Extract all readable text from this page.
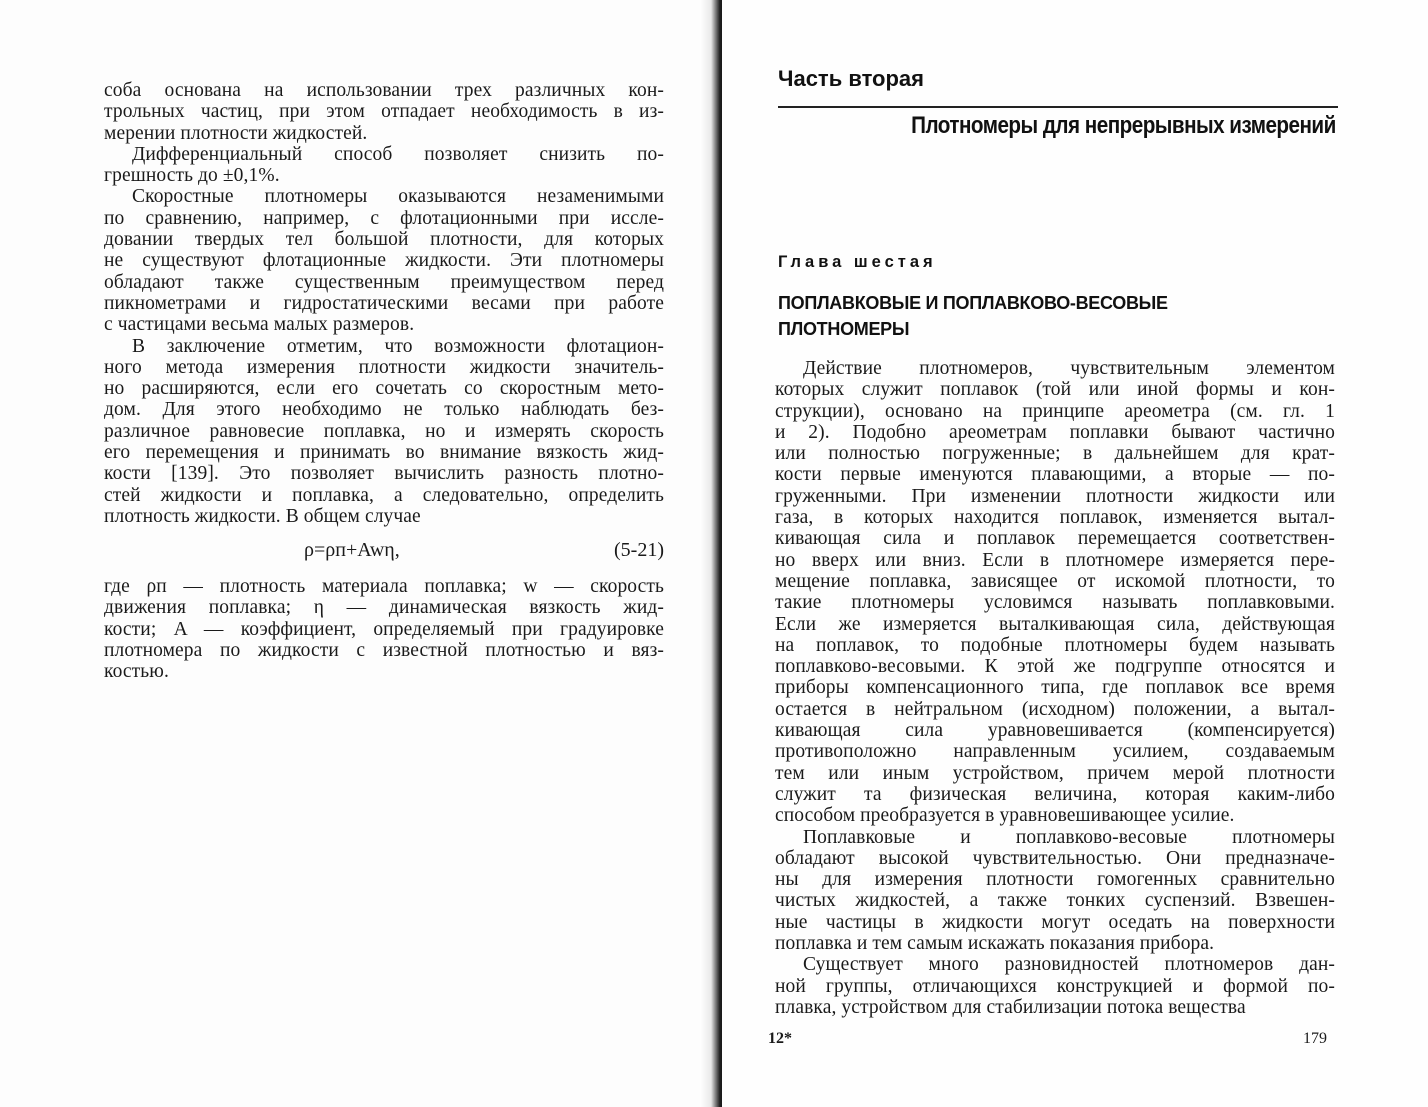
соба основана на использовании трех различных кон-
трольных частиц, при этом отпадает необходимость в из-
мерении плотности жидкостей.
Дифференциальный способ позволяет снизить по-
грешность до ±0,1%.
Скоростные плотномеры оказываются незаменимыми
по сравнению, например, с флотационными при иссле-
довании твердых тел большой плотности, для которых
не существуют флотационные жидкости. Эти плотномеры
обладают также существенным преимуществом перед
пикнометрами и гидростатическими весами при работе
с частицами весьма малых размеров.
В заключение отметим, что возможности флотацион-
ного метода измерения плотности жидкости значитель-
но расширяются, если его сочетать со скоростным мето-
дом. Для этого необходимо не только наблюдать без-
различное равновесие поплавка, но и измерять скорость
его перемещения и принимать во внимание вязкость жид-
кости [139]. Это позволяет вычислить разность плотно-
стей жидкости и поплавка, а следовательно, определить
плотность жидкости. В общем случае
ρ=ρп+Awη,	(5-21)
где ρп — плотность материала поплавка; w — скорость
движения поплавка; η — динамическая вязкость жид-
кости; A — коэффициент, определяемый при градуировке
плотномера по жидкости с известной плотностью и вяз-
костью.
Часть вторая
Плотномеры для непрерывных измерений
Глава шестая
ПОПЛАВКОВЫЕ И ПОПЛАВКОВО-ВЕСОВЫЕ
ПЛОТНОМЕРЫ
Действие плотномеров, чувствительным элементом
которых служит поплавок (той или иной формы и кон-
струкции), основано на принципе ареометра (см. гл. 1
и 2). Подобно ареометрам поплавки бывают частично
или полностью погруженные; в дальнейшем для крат-
кости первые именуются плавающими, а вторые — по-
груженными. При изменении плотности жидкости или
газа, в которых находится поплавок, изменяется вытал-
кивающая сила и поплавок перемещается соответствен-
но вверх или вниз. Если в плотномере измеряется пере-
мещение поплавка, зависящее от искомой плотности, то
такие плотномеры условимся называть поплавковыми.
Если же измеряется выталкивающая сила, действующая
на поплавок, то подобные плотномеры будем называть
поплавково-весовыми. К этой же подгруппе относятся и
приборы компенсационного типа, где поплавок все время
остается в нейтральном (исходном) положении, а вытал-
кивающая сила уравновешивается (компенсируется)
противоположно направленным усилием, создаваемым
тем или иным устройством, причем мерой плотности
служит та физическая величина, которая каким-либо
способом преобразуется в уравновешивающее усилие.
Поплавковые и поплавково-весовые плотномеры
обладают высокой чувствительностью. Они предназначе-
ны для измерения плотности гомогенных сравнительно
чистых жидкостей, а также тонких суспензий. Взвешен-
ные частицы в жидкости могут оседать на поверхности
поплавка и тем самым искажать показания прибора.
Существует много разновидностей плотномеров дан-
ной группы, отличающихся конструкцией и формой по-
плавка, устройством для стабилизации потока вещества
12*	179
